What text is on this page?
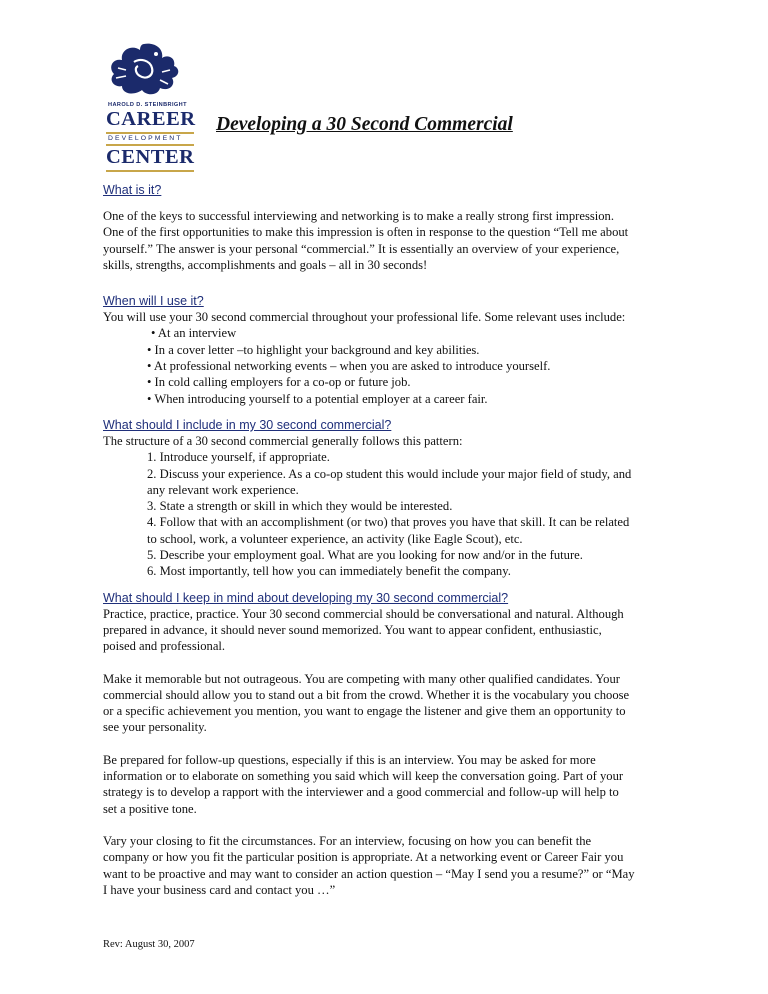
HAROLD D. STEINBRIGHT
CAREER
DEVELOPMENT
CENTER
Developing a 30 Second Commercial

What is it?

One of the keys to successful interviewing and networking is to make a really strong first impression.

One of the first opportunities to make this impression is often in response to the question “Tell me about

yourself.” The answer is your personal “commercial.” It is essentially an overview of your experience,

skills, strengths, accomplishments and goals – all in 30 seconds!

When will I use it?

You will use your 30 second commercial throughout your professional life. Some relevant uses include:

• At an interview
• In a cover letter –to highlight your background and key abilities.
• At professional networking events – when you are asked to introduce yourself.
• In cold calling employers for a co-op or future job.
• When introducing yourself to a potential employer at a career fair.

What should I include in my 30 second commercial?

The structure of a 30 second commercial generally follows this pattern:

1. Introduce yourself, if appropriate.
2. Discuss your experience. As a co-op student this would include your major field of study, and
any relevant work experience.
3. State a strength or skill in which they would be interested.
4. Follow that with an accomplishment (or two) that proves you have that skill. It can be related
to school, work, a volunteer experience, an activity (like Eagle Scout), etc.
5. Describe your employment goal. What are you looking for now and/or in the future.
6. Most importantly, tell how you can immediately benefit the company.

What should I keep in mind about developing my 30 second commercial?

Practice, practice, practice. Your 30 second commercial should be conversational and natural. Although

prepared in advance, it should never sound memorized. You want to appear confident, enthusiastic,

poised and professional.

Make it memorable but not outrageous. You are competing with many other qualified candidates. Your

commercial should allow you to stand out a bit from the crowd. Whether it is the vocabulary you choose

or a specific achievement you mention, you want to engage the listener and give them an opportunity to

see your personality.

Be prepared for follow-up questions, especially if this is an interview. You may be asked for more

information or to elaborate on something you said which will keep the conversation going. Part of your

strategy is to develop a rapport with the interviewer and a good commercial and follow-up will help to

set a positive tone.

Vary your closing to fit the circumstances. For an interview, focusing on how you can benefit the

company or how you fit the particular position is appropriate. At a networking event or Career Fair you

want to be proactive and may want to consider an action question – “May I send you a resume?” or “May

I have your business card and contact you …”

Rev: August 30, 2007
